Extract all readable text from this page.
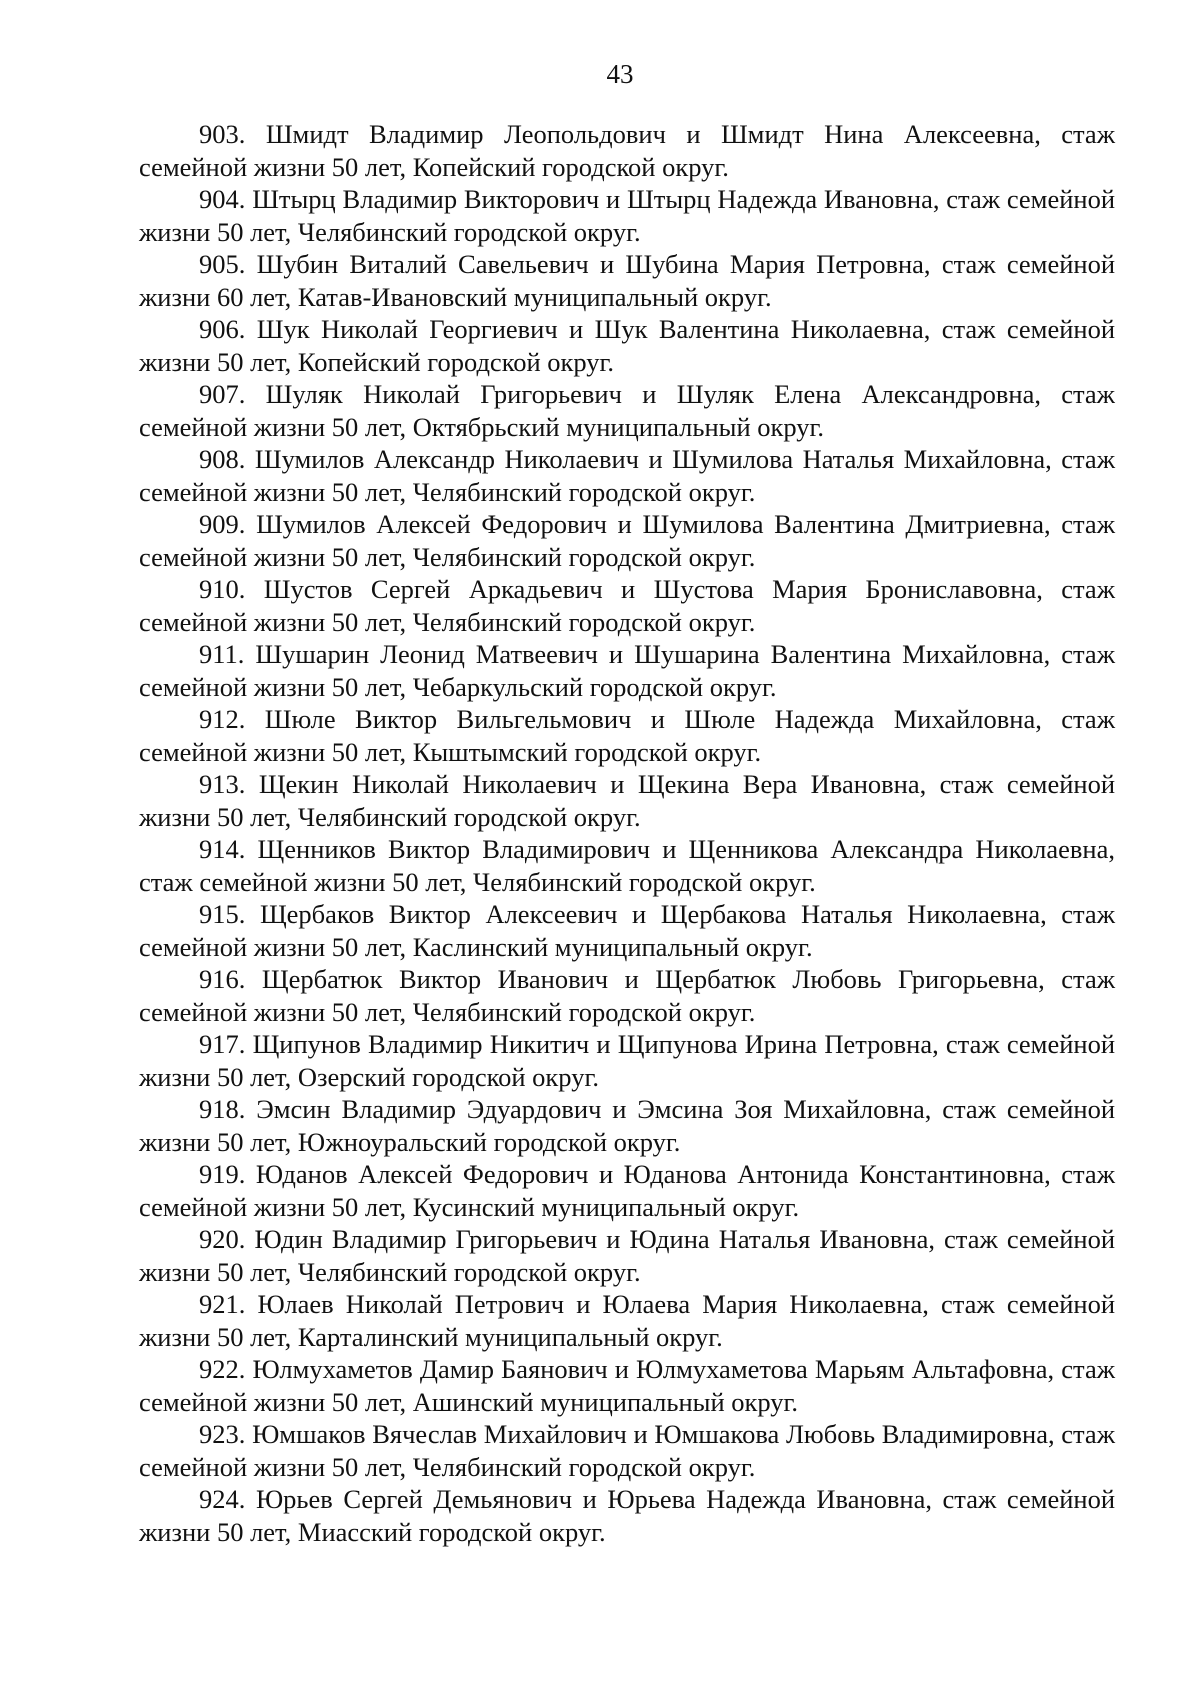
43

903. Шмидт Владимир Леопольдович и Шмидт Нина Алексеевна, стаж семейной жизни 50 лет, Копейский городской округ.

904. Штырц Владимир Викторович и Штырц Надежда Ивановна, стаж семейной жизни 50 лет, Челябинский городской округ.

905. Шубин Виталий Савельевич и Шубина Мария Петровна, стаж семейной жизни 60 лет, Катав-Ивановский муниципальный округ.

906. Шук Николай Георгиевич и Шук Валентина Николаевна, стаж семейной жизни 50 лет, Копейский городской округ.

907. Шуляк Николай Григорьевич и Шуляк Елена Александровна, стаж семейной жизни 50 лет, Октябрьский муниципальный округ.

908. Шумилов Александр Николаевич и Шумилова Наталья Михайловна, стаж семейной жизни 50 лет, Челябинский городской округ.

909. Шумилов Алексей Федорович и Шумилова Валентина Дмитриевна, стаж семейной жизни 50 лет, Челябинский городской округ.

910. Шустов Сергей Аркадьевич и Шустова Мария Брониславовна, стаж семейной жизни 50 лет, Челябинский городской округ.

911. Шушарин Леонид Матвеевич и Шушарина Валентина Михайловна, стаж семейной жизни 50 лет, Чебаркульский городской округ.

912. Шюле Виктор Вильгельмович и Шюле Надежда Михайловна, стаж семейной жизни 50 лет, Кыштымский городской округ.

913. Щекин Николай Николаевич и Щекина Вера Ивановна, стаж семейной жизни 50 лет, Челябинский городской округ.

914. Щенников Виктор Владимирович и Щенникова Александра Николаевна, стаж семейной жизни 50 лет, Челябинский городской округ.

915. Щербаков Виктор Алексеевич и Щербакова Наталья Николаевна, стаж семейной жизни 50 лет, Каслинский муниципальный округ.

916. Щербатюк Виктор Иванович и Щербатюк Любовь Григорьевна, стаж семейной жизни 50 лет, Челябинский городской округ.

917. Щипунов Владимир Никитич и Щипунова Ирина Петровна, стаж семейной жизни 50 лет, Озерский городской округ.

918. Эмсин Владимир Эдуардович и Эмсина Зоя Михайловна, стаж семейной жизни 50 лет, Южноуральский городской округ.

919. Юданов Алексей Федорович и Юданова Антонида Константиновна, стаж семейной жизни 50 лет, Кусинский муниципальный округ.

920. Юдин Владимир Григорьевич и Юдина Наталья Ивановна, стаж семейной жизни 50 лет, Челябинский городской округ.

921. Юлаев Николай Петрович и Юлаева Мария Николаевна, стаж семейной жизни 50 лет, Карталинский муниципальный округ.

922. Юлмухаметов Дамир Баянович и Юлмухаметова Марьям Альтафовна, стаж семейной жизни 50 лет, Ашинский муниципальный округ.

923. Юмшаков Вячеслав Михайлович и Юмшакова Любовь Владимировна, стаж семейной жизни 50 лет, Челябинский городской округ.

924. Юрьев Сергей Демьянович и Юрьева Надежда Ивановна, стаж семейной жизни 50 лет, Миасский городской округ.
